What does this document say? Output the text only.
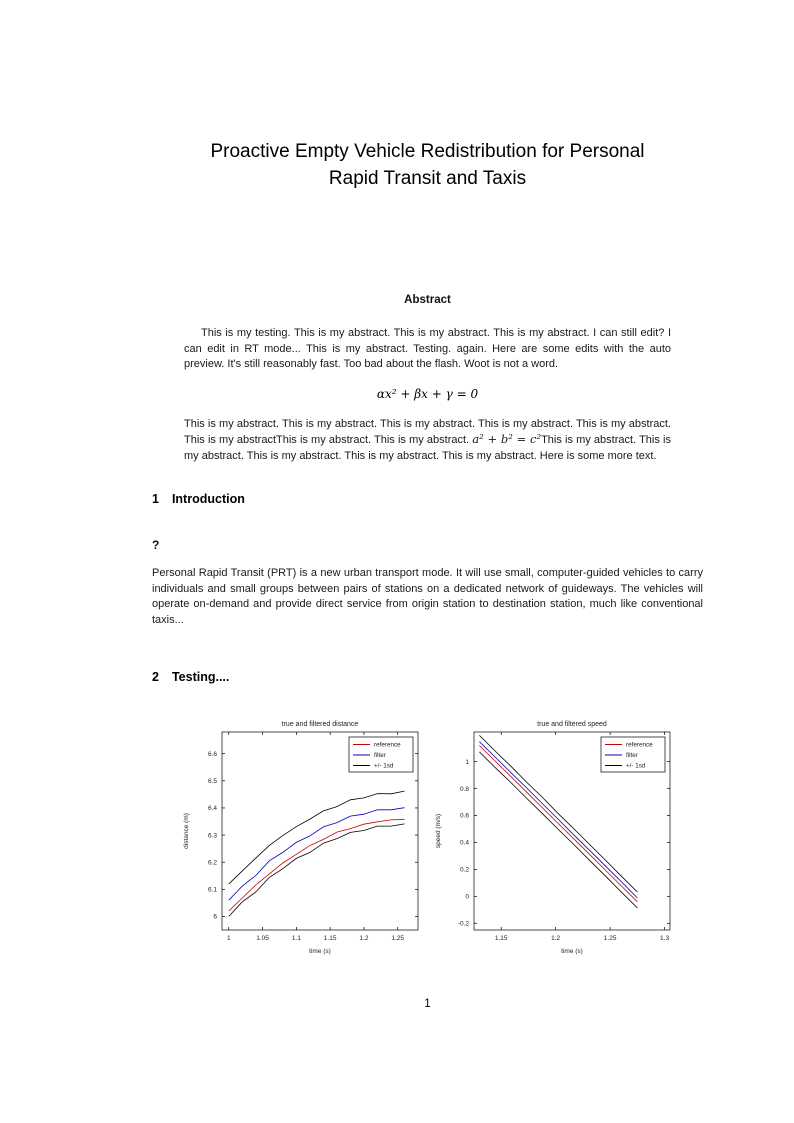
Proactive Empty Vehicle Redistribution for Personal
Rapid Transit and Taxis
Abstract

This is my testing. This is my abstract. This is my abstract. This is my abstract. I can still edit? I can edit in RT mode... This is my abstract. Testing. again. Here are some edits with the auto preview. It's still reasonably fast. Too bad about the flash. Woot is not a word.

αx² + βx + γ = 0

This is my abstract. This is my abstract. This is my abstract. This is my abstract. This is my abstract. This is my abstractThis is my abstract. This is my abstract. a² + b² = c²This is my abstract. This is my abstract. This is my abstract. This is my abstract. This is my abstract. Here is some more text.

1 Introduction
?

Personal Rapid Transit (PRT) is a new urban transport mode. It will use small, computer-guided vehicles to carry individuals and small groups between pairs of stations on a dedicated network of guideways. The vehicles will operate on-demand and provide direct service from origin station to destination station, much like conventional taxis...

2 Testing....
1	1.05	1.1	1.15	1.2	1.25
6
6.1
6.2
6.3
6.4
6.5
6.6
true and filtered distance
time (s)
distance (m)
reference
filter
+/- 1sd
1.15	1.2	1.25	1.3
-0.2
0
0.2
0.4
0.6
0.8
1
true and filtered speed
time (s)
speed (m/s)
reference
filter
+/- 1sd
1
